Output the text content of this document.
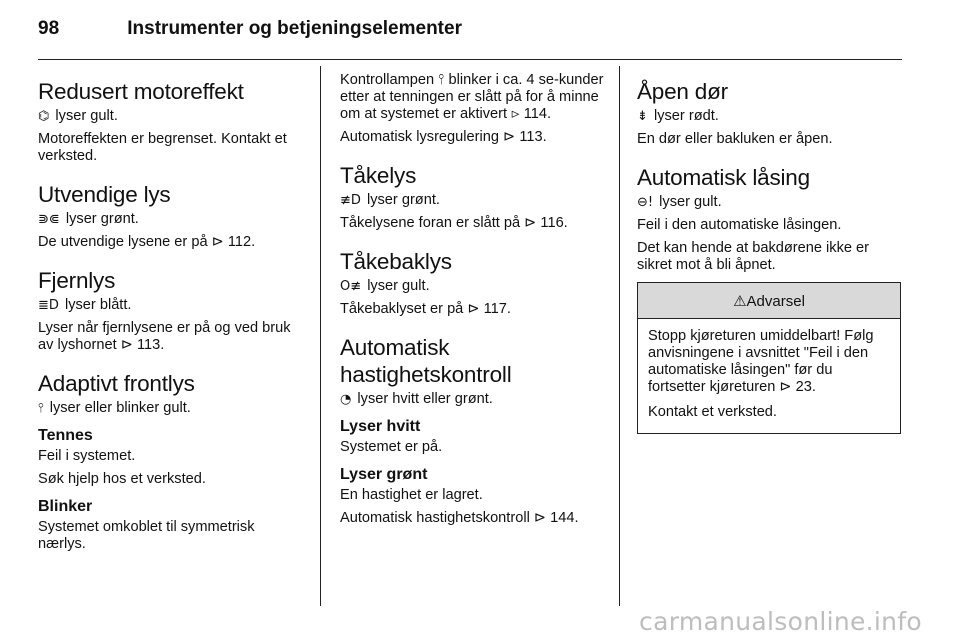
98	Instrumenter og betjeningselementer
Redusert motoreffekt

⌬ lyser gult.

Motoreffekten er begrenset. Kontakt et verksted.

Utvendige lys

⋑⋐ lyser grønt.

De utvendige lysene er på ⊳ 112.

Fjernlys

≣D lyser blått.

Lyser når fjernlysene er på og ved bruk av lyshornet ⊳ 113.

Adaptivt frontlys

⫯ lyser eller blinker gult.

Tennes

Feil i systemet.

Søk hjelp hos et verksted.

Blinker

Systemet omkoblet til symmetrisk nærlys.

Kontrollampen ⫯ blinker i ca. 4 se-kunder etter at tenningen er slått på for å minne om at systemet er aktivert ⊳ 114.

Automatisk lysregulering ⊳ 113.

Tåkelys

≢D lyser grønt.

Tåkelysene foran er slått på ⊳ 116.

Tåkebaklys

O≢ lyser gult.

Tåkebaklyset er på ⊳ 117.

Automatisk
hastighetskontroll

◔ lyser hvitt eller grønt.

Lyser hvitt

Systemet er på.

Lyser grønt

En hastighet er lagret.

Automatisk hastighetskontroll ⊳ 144.

Åpen dør

⇟ lyser rødt.

En dør eller bakluken er åpen.

Automatisk låsing

⊖! lyser gult.

Feil i den automatiske låsingen.

Det kan hende at bakdørene ikke er sikret mot å bli åpnet.

⚠Advarsel

Stopp kjøreturen umiddelbart! Følg anvisningene i avsnittet "Feil i den automatiske låsingen" før du fortsetter kjøreturen ⊳ 23.

Kontakt et verksted.

carmanualsonline.info
